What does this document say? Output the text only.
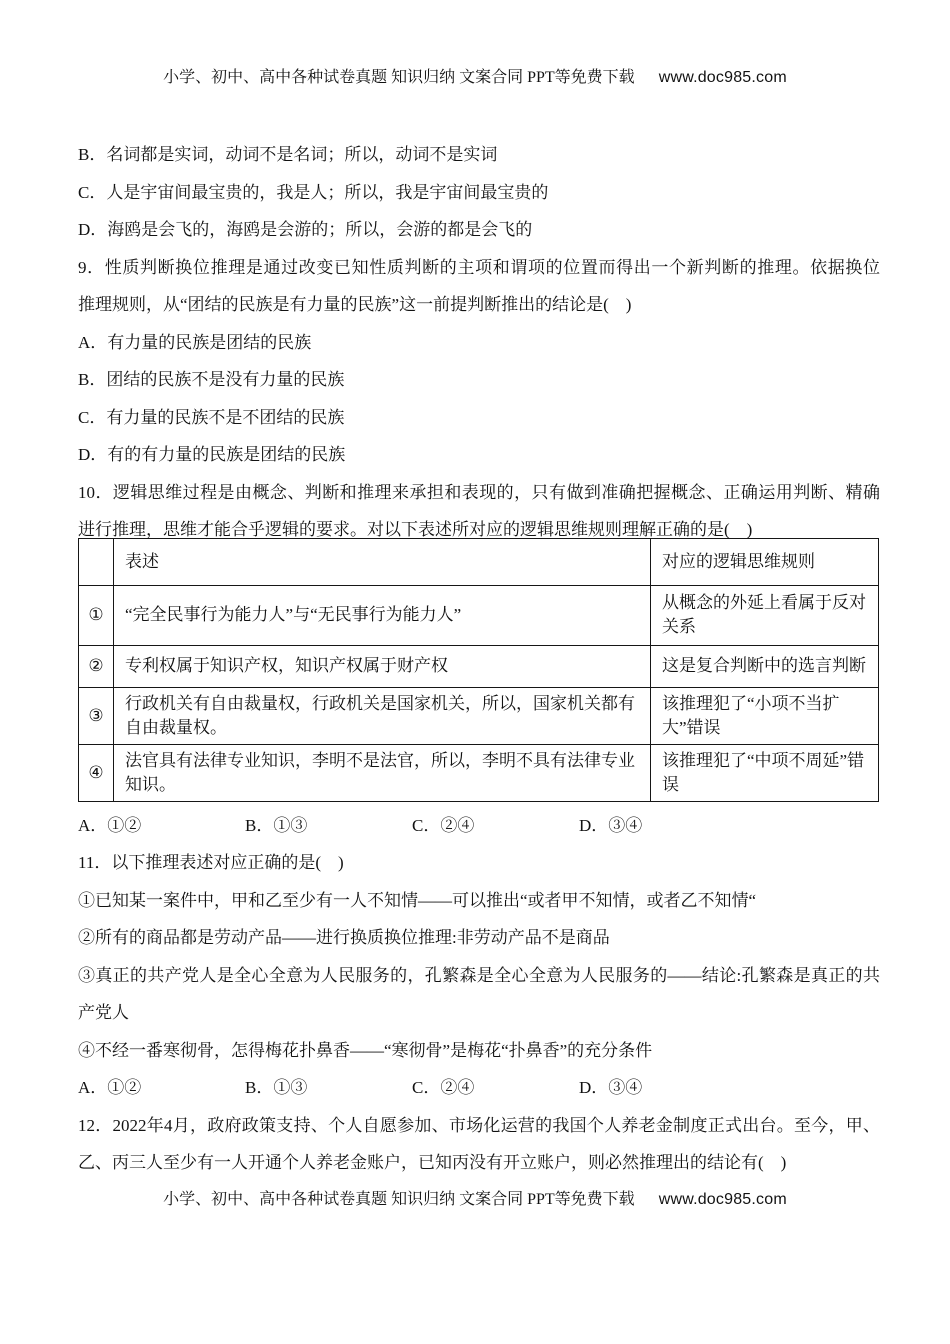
小学、初中、高中各种试卷真题 知识归纳 文案合同 PPT等免费下载 www.doc985.com

B．名词都是实词，动词不是名词；所以，动词不是实词

C．人是宇宙间最宝贵的，我是人；所以，我是宇宙间最宝贵的

D．海鸥是会飞的，海鸥是会游的；所以，会游的都是会飞的

9．性质判断换位推理是通过改变已知性质判断的主项和谓项的位置而得出一个新判断的推理。依据换位

推理规则，从“团结的民族是有力量的民族”这一前提判断推出的结论是(　)

A．有力量的民族是团结的民族

B．团结的民族不是没有力量的民族

C．有力量的民族不是不团结的民族

D．有的有力量的民族是团结的民族

10．逻辑思维过程是由概念、判断和推理来承担和表现的，只有做到准确把握概念、正确运用判断、精确

进行推理，思维才能合乎逻辑的要求。对以下表述所对应的逻辑思维规则理解正确的是(　)

	表述	对应的逻辑思维规则
①	“完全民事行为能力人”与“无民事行为能力人”	从概念的外延上看属于反对关系
②	专利权属于知识产权，知识产权属于财产权	这是复合判断中的选言判断
③	行政机关有自由裁量权，行政机关是国家机关，所以，国家机关都有自由裁量权。	该推理犯了“小项不当扩大”错误
④	法官具有法律专业知识，李明不是法官，所以，李明不具有法律专业知识。	该推理犯了“中项不周延”错误

A．①②	B．①③	C．②④	D．③④

11．以下推理表述对应正确的是(　)

①已知某一案件中，甲和乙至少有一人不知情——可以推出“或者甲不知情，或者乙不知情“

②所有的商品都是劳动产品——进行换质换位推理:非劳动产品不是商品

③真正的共产党人是全心全意为人民服务的，孔繁森是全心全意为人民服务的——结论:孔繁森是真正的共

产党人

④不经一番寒彻骨，怎得梅花扑鼻香——“寒彻骨”是梅花“扑鼻香”的充分条件

A．①②	B．①③	C．②④	D．③④

12．2022年4月，政府政策支持、个人自愿参加、市场化运营的我国个人养老金制度正式出台。至今，甲、

乙、丙三人至少有一人开通个人养老金账户，已知丙没有开立账户，则必然推理出的结论有(　)

小学、初中、高中各种试卷真题 知识归纳 文案合同 PPT等免费下载 www.doc985.com
